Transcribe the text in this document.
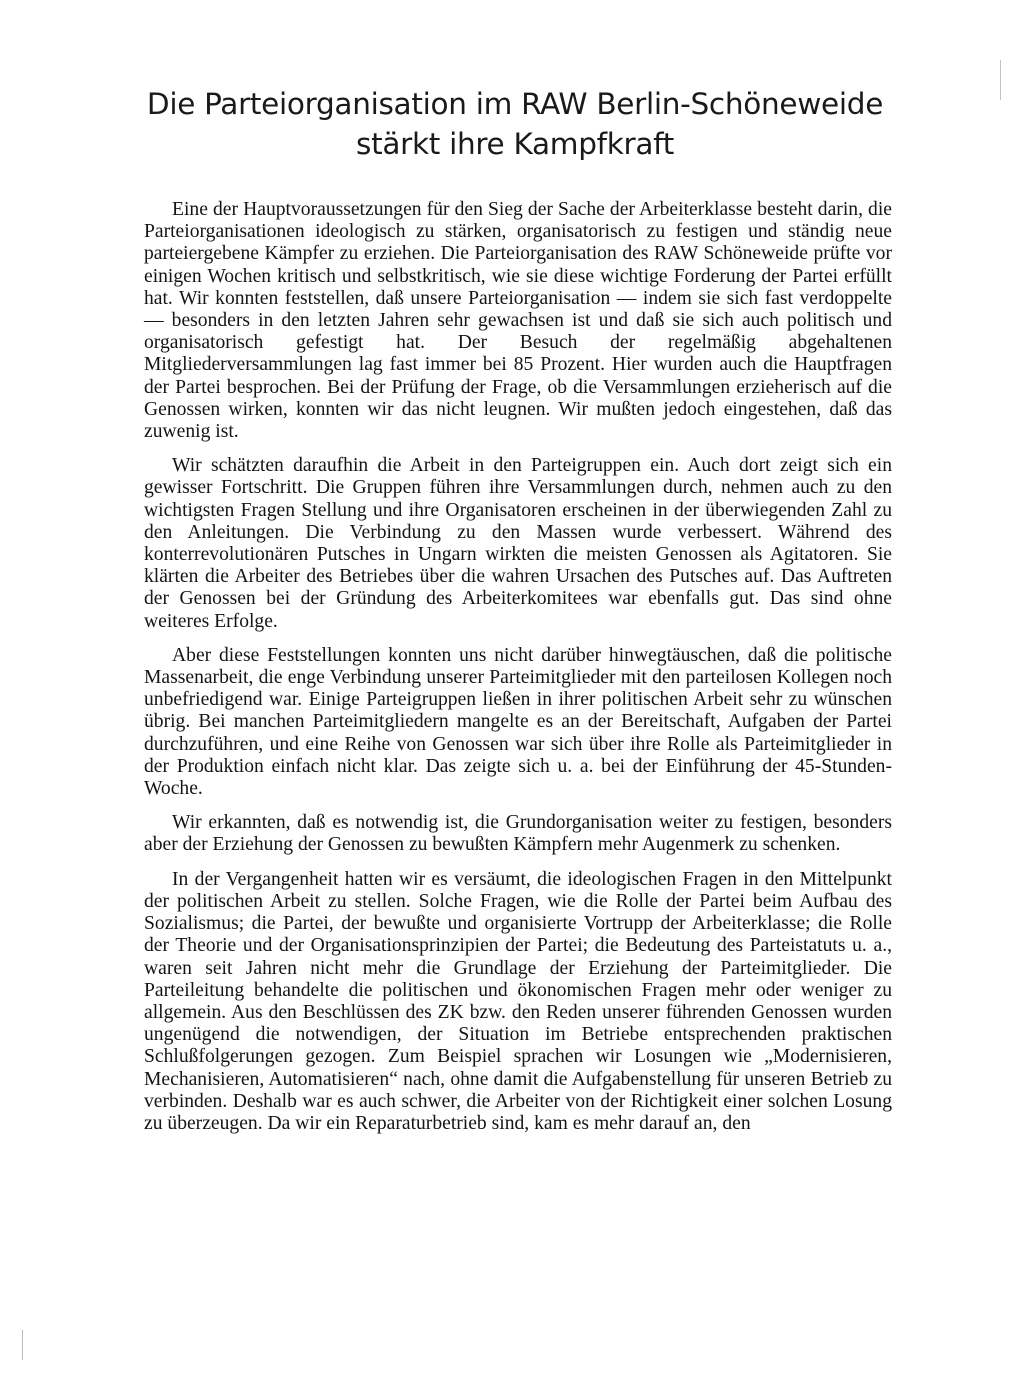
Die Parteiorganisation im RAW Berlin-Schöneweide
stärkt ihre Kampfkraft

Eine der Hauptvoraussetzungen für den Sieg der Sache der Arbeiterklasse besteht darin, die Parteiorganisationen ideologisch zu stärken, organisatorisch zu festigen und ständig neue parteiergebene Kämpfer zu erziehen. Die Parteiorganisation des RAW Schöneweide prüfte vor einigen Wochen kritisch und selbstkritisch, wie sie diese wichtige Forderung der Partei erfüllt hat. Wir konnten feststellen, daß unsere Parteiorganisation — indem sie sich fast verdoppelte — besonders in den letzten Jahren sehr gewachsen ist und daß sie sich auch politisch und organisatorisch gefestigt hat. Der Besuch der regelmäßig abgehaltenen Mitgliederversammlungen lag fast immer bei 85 Prozent. Hier wurden auch die Hauptfragen der Partei besprochen. Bei der Prüfung der Frage, ob die Versammlungen erzieherisch auf die Genossen wirken, konnten wir das nicht leugnen. Wir mußten jedoch eingestehen, daß das zuwenig ist.

Wir schätzten daraufhin die Arbeit in den Parteigruppen ein. Auch dort zeigt sich ein gewisser Fortschritt. Die Gruppen führen ihre Versammlungen durch, nehmen auch zu den wichtigsten Fragen Stellung und ihre Organisatoren erscheinen in der überwiegenden Zahl zu den Anleitungen. Die Verbindung zu den Massen wurde verbessert. Während des konterrevolutionären Putsches in Ungarn wirkten die meisten Genossen als Agitatoren. Sie klärten die Arbeiter des Betriebes über die wahren Ursachen des Putsches auf. Das Auftreten der Genossen bei der Gründung des Arbeiterkomitees war ebenfalls gut. Das sind ohne weiteres Erfolge.

Aber diese Feststellungen konnten uns nicht darüber hinwegtäuschen, daß die politische Massenarbeit, die enge Verbindung unserer Parteimitglieder mit den parteilosen Kollegen noch unbefriedigend war. Einige Parteigruppen ließen in ihrer politischen Arbeit sehr zu wünschen übrig. Bei manchen Parteimitgliedern mangelte es an der Bereitschaft, Aufgaben der Partei durchzuführen, und eine Reihe von Genossen war sich über ihre Rolle als Parteimitglieder in der Produktion einfach nicht klar. Das zeigte sich u. a. bei der Einführung der 45-Stunden-Woche.

Wir erkannten, daß es notwendig ist, die Grundorganisation weiter zu festigen, besonders aber der Erziehung der Genossen zu bewußten Kämpfern mehr Augenmerk zu schenken.

In der Vergangenheit hatten wir es versäumt, die ideologischen Fragen in den Mittelpunkt der politischen Arbeit zu stellen. Solche Fragen, wie die Rolle der Partei beim Aufbau des Sozialismus; die Partei, der bewußte und organisierte Vortrupp der Arbeiterklasse; die Rolle der Theorie und der Organisationsprinzipien der Partei; die Bedeutung des Parteistatuts u. a., waren seit Jahren nicht mehr die Grundlage der Erziehung der Parteimitglieder. Die Parteileitung behandelte die politischen und ökonomischen Fragen mehr oder weniger zu allgemein. Aus den Beschlüssen des ZK bzw. den Reden unserer führenden Genossen wurden ungenügend die notwendigen, der Situation im Betriebe entsprechenden praktischen Schlußfolgerungen gezogen. Zum Beispiel sprachen wir Losungen wie „Modernisieren, Mechanisieren, Automatisieren“ nach, ohne damit die Aufgabenstellung für unseren Betrieb zu verbinden. Deshalb war es auch schwer, die Arbeiter von der Richtigkeit einer solchen Losung zu überzeugen. Da wir ein Reparaturbetrieb sind, kam es mehr darauf an, den
